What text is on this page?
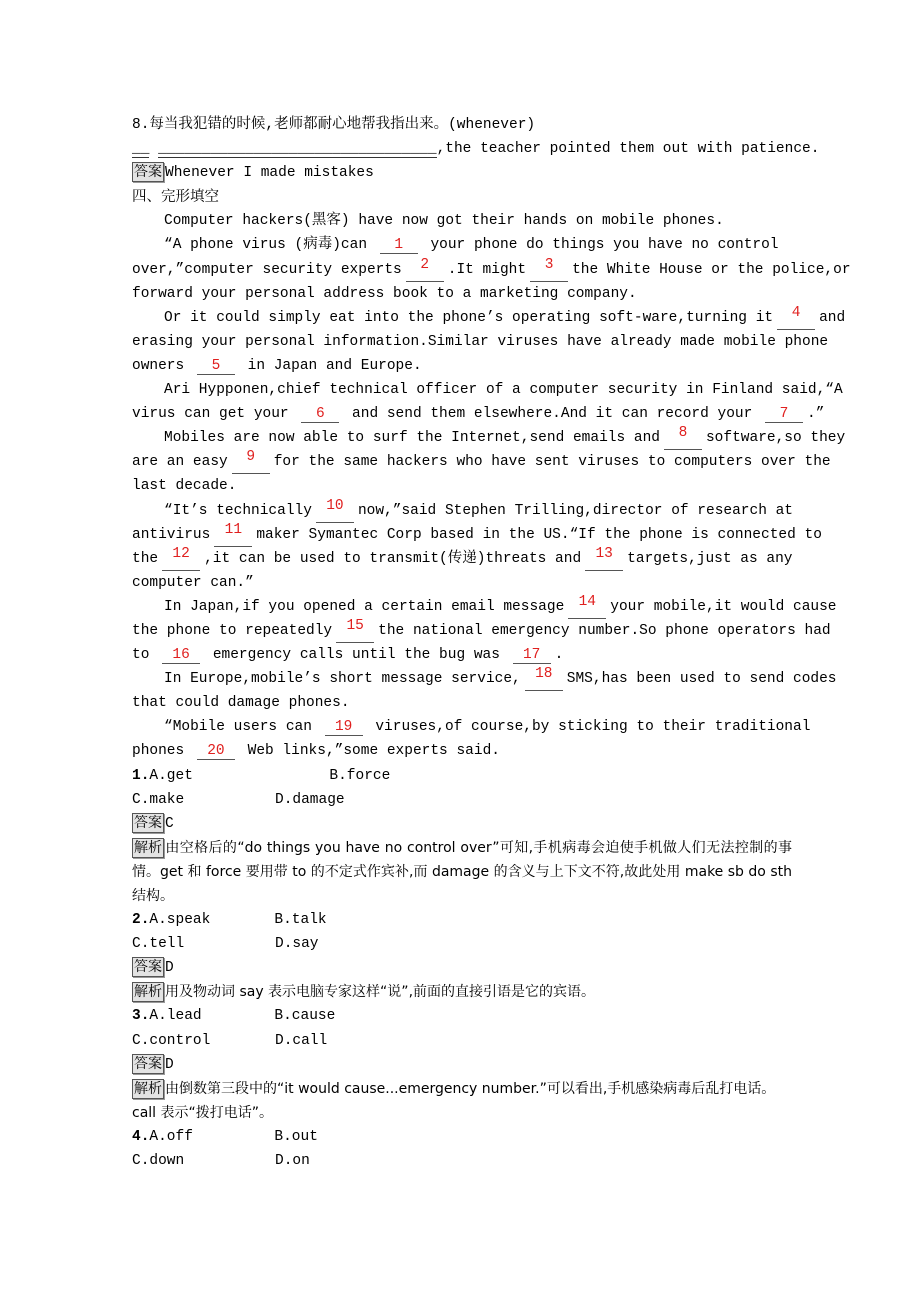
8.每当我犯错的时候,老师都耐心地帮我指出来。(whenever)
__ ________________________________,the teacher pointed them out with patience.
答案 Whenever I made mistakes
四、完形填空
Computer hackers(黑客) have now got their hands on mobile phones.
“A phone virus (病毒)can 1 your phone do things you have no control
over,”computer security experts	2	.It might	3	the White House or the police,or
forward your personal address book to a marketing company.
Or it could simply eat into the phone’s operating soft-ware,turning it	4	and
erasing your personal information.Similar viruses have already made mobile phone
owners 5 in Japan and Europe.
Ari Hypponen,chief technical officer of a computer security in Finland said,“A
virus can get your 6 and send them elsewhere.And it can record your 7 .”
Mobiles are now able to surf the Internet,send emails and	8	software,so they
are an easy	9	for the same hackers who have sent viruses to computers over the
last decade.
“It’s technically 10 now,”said Stephen Trilling,director of research at
antivirus 11 maker Symantec Corp based in the US.“If the phone is connected to
the 12 ,it can be used to transmit(传递)threats and 13 targets,just as any
computer can.”
In Japan,if you opened a certain email message 14 your mobile,it would cause
the phone to repeatedly 15 the national emergency number.So phone operators had
to 16 emergency calls until the bug was 17 .
In Europe,mobile’s short message service, 18 SMS,has been used to send codes
that could damage phones.
“Mobile users can 19 viruses,of course,by sticking to their traditional
phones 20 Web links,”some experts said.
1.A.get	B.force
C.make	D.damage
答案 C
解析 由空格后的“do things you have no control over”可知,手机病毒会迫使手机做人们无法控制的事情。get 和 force 要用带 to 的不定式作宾补,而 damage 的含义与上下文不符,故此处用 make sb do sth 结构。
2.A.speak	B.talk
C.tell	D.say
答案 D
解析 用及物动词 say 表示电脑专家这样“说”,前面的直接引语是它的宾语。
3.A.lead	B.cause
C.control	D.call
答案 D
解析 由倒数第三段中的“it would cause...emergency number.”可以看出,手机感染病毒后乱打电话。call 表示“拨打电话”。
4.A.off	B.out
C.down	D.on
